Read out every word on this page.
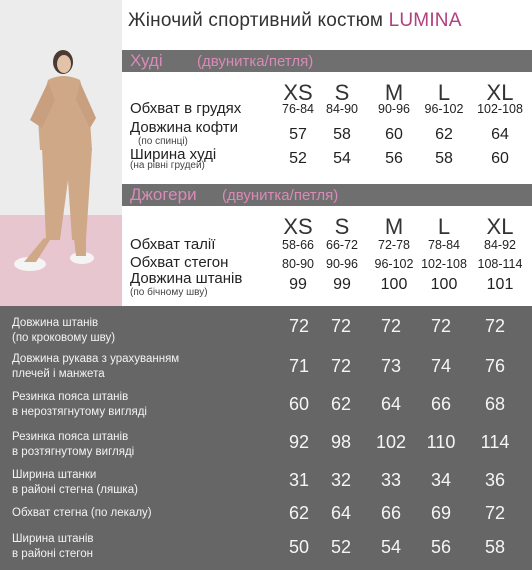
Жіночий спортивний костюм LUMINA
Худі (двунитка/петля)
XS S	M	L	XL
Обхват в грудях	76-84 84-90	90-96	96-102	102-108
Довжина кофти
(по спинці)	57	58	60	62	64
Ширина худі
(на рівні грудей)	52	54	56	58	60
Джогери (двунитка/петля)
XS S	M	L	XL
Обхват талії	58-66 66-72	72-78	78-84	84-92
Обхват стегон	80-90 90-96	96-102 102-108 108-114
Довжина штанів
(по бічному шву)	99	99	100	100	101
Довжина штанів
(по кроковому шву)
72	72	72	72	72
Довжина рукава з урахуванням
плечей і манжета	71	72	73	74	76
Резинка пояса штанів
в нерозтягнутому вигляді	60	62	64	66	68
Резинка пояса штанів
в розтягнутому вигляді	92	98	102	110	114
Ширина штанки
в районі стегна (ляшка)	31	32	33	34	36
Обхват стегна (по лекалу)	62	64	66	69	72
Ширина штанів
в районі стегон	50	52	54	56	58
